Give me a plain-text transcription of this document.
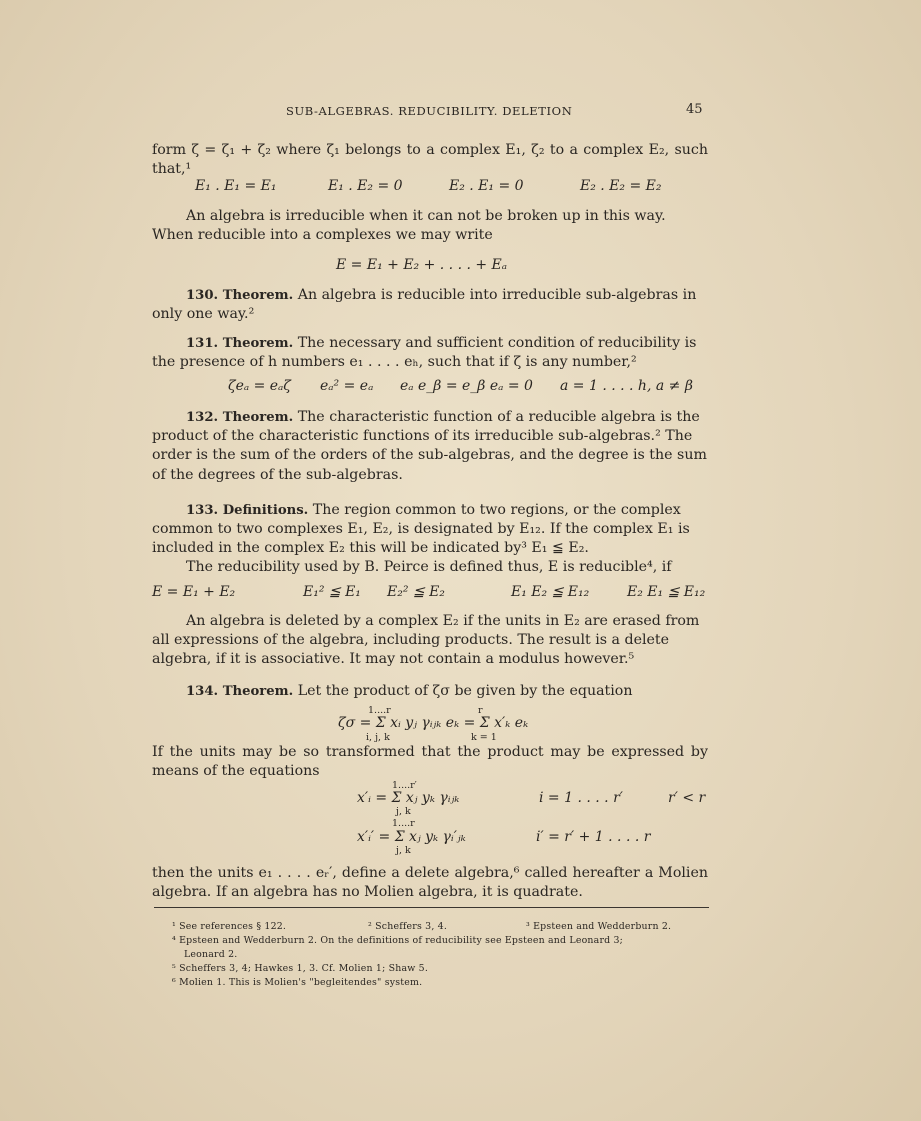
SUB-ALGEBRAS. REDUCIBILITY. DELETION	45
form ζ = ζ₁ + ζ₂ where ζ₁ belongs to a complex E₁, ζ₂ to a complex E₂, such
that,¹
E₁ . E₁ = E₁	E₁ . E₂ = 0	E₂ . E₁ = 0	E₂ . E₂ = E₂
An algebra is irreducible when it can not be broken up in this way.
When reducible into a complexes we may write
E = E₁ + E₂ + . . . . + Eₐ
130. Theorem. An algebra is reducible into irreducible sub-algebras in
only one way.²
131. Theorem. The necessary and sufficient condition of reducibility is
the presence of h numbers e₁ . . . . eₕ, such that if ζ is any number,²
ζeₐ = eₐζ eₐ² = eₐ eₐ e_β = e_β eₐ = 0 a = 1 . . . . h, a ≠ β
132. Theorem. The characteristic function of a reducible algebra is the
product of the characteristic functions of its irreducible sub-algebras.² The
order is the sum of the orders of the sub-algebras, and the degree is the sum
of the degrees of the sub-algebras.
133. Definitions. The region common to two regions, or the complex
common to two complexes E₁, E₂, is designated by E₁₂. If the complex E₁ is
included in the complex E₂ this will be indicated by³ E₁ ≦ E₂.
The reducibility used by B. Peirce is defined thus, E is reducible⁴, if
E = E₁ + E₂	E₁² ≦ E₁ E₂² ≦ E₂	E₁ E₂ ≦ E₁₂	E₂ E₁ ≦ E₁₂
An algebra is deleted by a complex E₂ if the units in E₂ are erased from
all expressions of the algebra, including products. The result is a delete
algebra, if it is associative. It may not contain a modulus however.⁵
134. Theorem. Let the product of ζσ be given by the equation
1....r	r
ζσ = Σ xᵢ yⱼ γᵢⱼₖ eₖ = Σ x′ₖ eₖ
i, j, k	k = 1
If the units may be so transformed that the product may be expressed by
means of the equations
1....r′
x′ᵢ = Σ xⱼ yₖ γᵢⱼₖ
j, k
i = 1 . . . . r′	r′ < r
1....r
x′ᵢ′ = Σ xⱼ yₖ γᵢ′ⱼₖ
j, k
i′ = r′ + 1 . . . . r
then the units e₁ . . . . eᵣ′, define a delete algebra,⁶ called hereafter a Molien
algebra. If an algebra has no Molien algebra, it is quadrate.
¹ See references § 122.	² Scheffers 3, 4.	³ Epsteen and Wedderburn 2.
⁴ Epsteen and Wedderburn 2. On the definitions of reducibility see Epsteen and Leonard 3;
Leonard 2.
⁵ Scheffers 3, 4; Hawkes 1, 3. Cf. Molien 1; Shaw 5.
⁶ Molien 1. This is Molien's "begleitendes" system.
